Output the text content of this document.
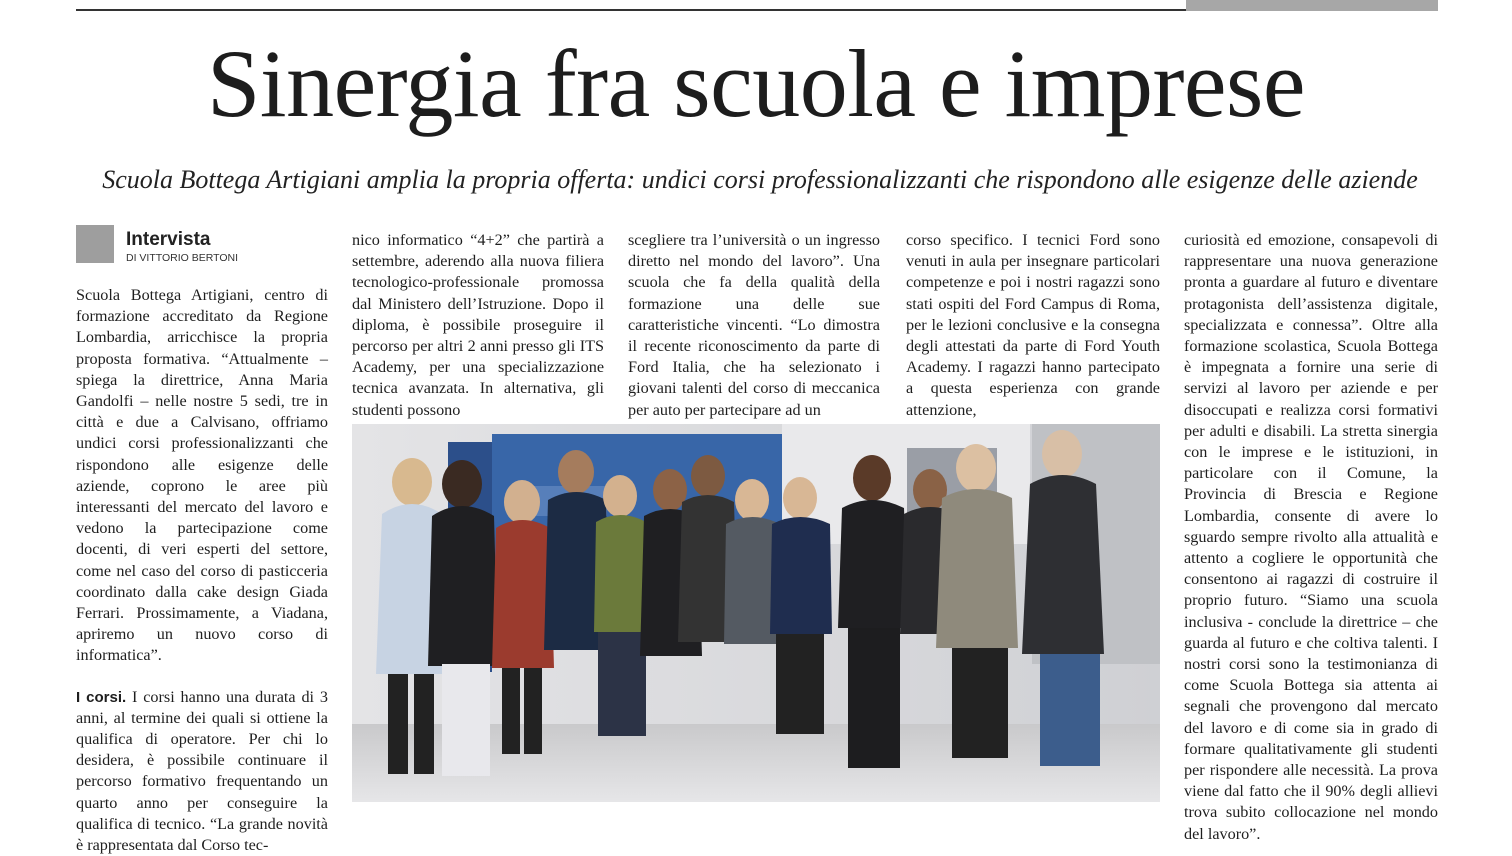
Sinergia fra scuola e imprese

Scuola Bottega Artigiani amplia la propria offerta: undici corsi professionalizzanti che rispondono alle esigenze delle aziende

Intervista

DI VITTORIO BERTONI

Scuola Bottega Artigiani, centro di formazione accreditato da Regione Lombardia, arricchisce la propria proposta formativa. “Attualmente – spiega la direttrice, Anna Maria Gandolfi – nelle nostre 5 sedi, tre in città e due a Calvisano, offriamo undici corsi professionalizzanti che rispondono alle esigenze delle aziende, coprono le aree più interessanti del mercato del lavoro e vedono la partecipazione come docenti, di veri esperti del settore, come nel caso del corso di pasticceria coordinato dalla cake design Giada Ferrari. Prossimamente, a Viadana, apriremo un nuovo corso di informatica”.

I corsi. I corsi hanno una durata di 3 anni, al termine dei quali si ottiene la qualifica di operatore. Per chi lo desidera, è possibile continuare il percorso formativo frequentando un quarto anno per conseguire la qualifica di tecnico. “La grande novità è rappresentata dal Corso tec-

nico informatico “4+2” che partirà a settembre, aderendo alla nuova filiera tecnologico-professionale promossa dal Ministero dell’Istruzione. Dopo il diploma, è possibile proseguire il percorso per altri 2 anni presso gli ITS Academy, per una specializzazione tecnica avanzata. In alternativa, gli studenti possono

scegliere tra l’università o un ingresso diretto nel mondo del lavoro”. Una scuola che fa della qualità della formazione una delle sue caratteristiche vincenti. “Lo dimostra il recente riconoscimento da parte di Ford Italia, che ha selezionato i giovani talenti del corso di meccanica per auto per partecipare ad un

corso specifico. I tecnici Ford sono venuti in aula per insegnare particolari competenze e poi i nostri ragazzi sono stati ospiti del Ford Campus di Roma, per le lezioni conclusive e la consegna degli attestati da parte di Ford Youth Academy. I ragazzi hanno partecipato a questa esperienza con grande attenzione,

curiosità ed emozione, consapevoli di rappresentare una nuova generazione pronta a guardare al futuro e diventare protagonista dell’assistenza digitale, specializzata e connessa”. Oltre alla formazione scolastica, Scuola Bottega è impegnata a fornire una serie di servizi al lavoro per aziende e per disoccupati e realizza corsi formativi per adulti e disabili. La stretta sinergia con le imprese e le istituzioni, in particolare con il Comune, la Provincia di Brescia e Regione Lombardia, consente di avere lo sguardo sempre rivolto alla attualità e attento a cogliere le opportunità che consentono ai ragazzi di costruire il proprio futuro. “Siamo una scuola inclusiva - conclude la direttrice – che guarda al futuro e che coltiva talenti. I nostri corsi sono la testimonianza di come Scuola Bottega sia attenta ai segnali che provengono dal mercato del lavoro e di come sia in grado di formare qualitativamente gli studenti per rispondere alle necessità. La prova viene dal fatto che il 90% degli allievi trova subito collocazione nel mondo del lavoro”.
